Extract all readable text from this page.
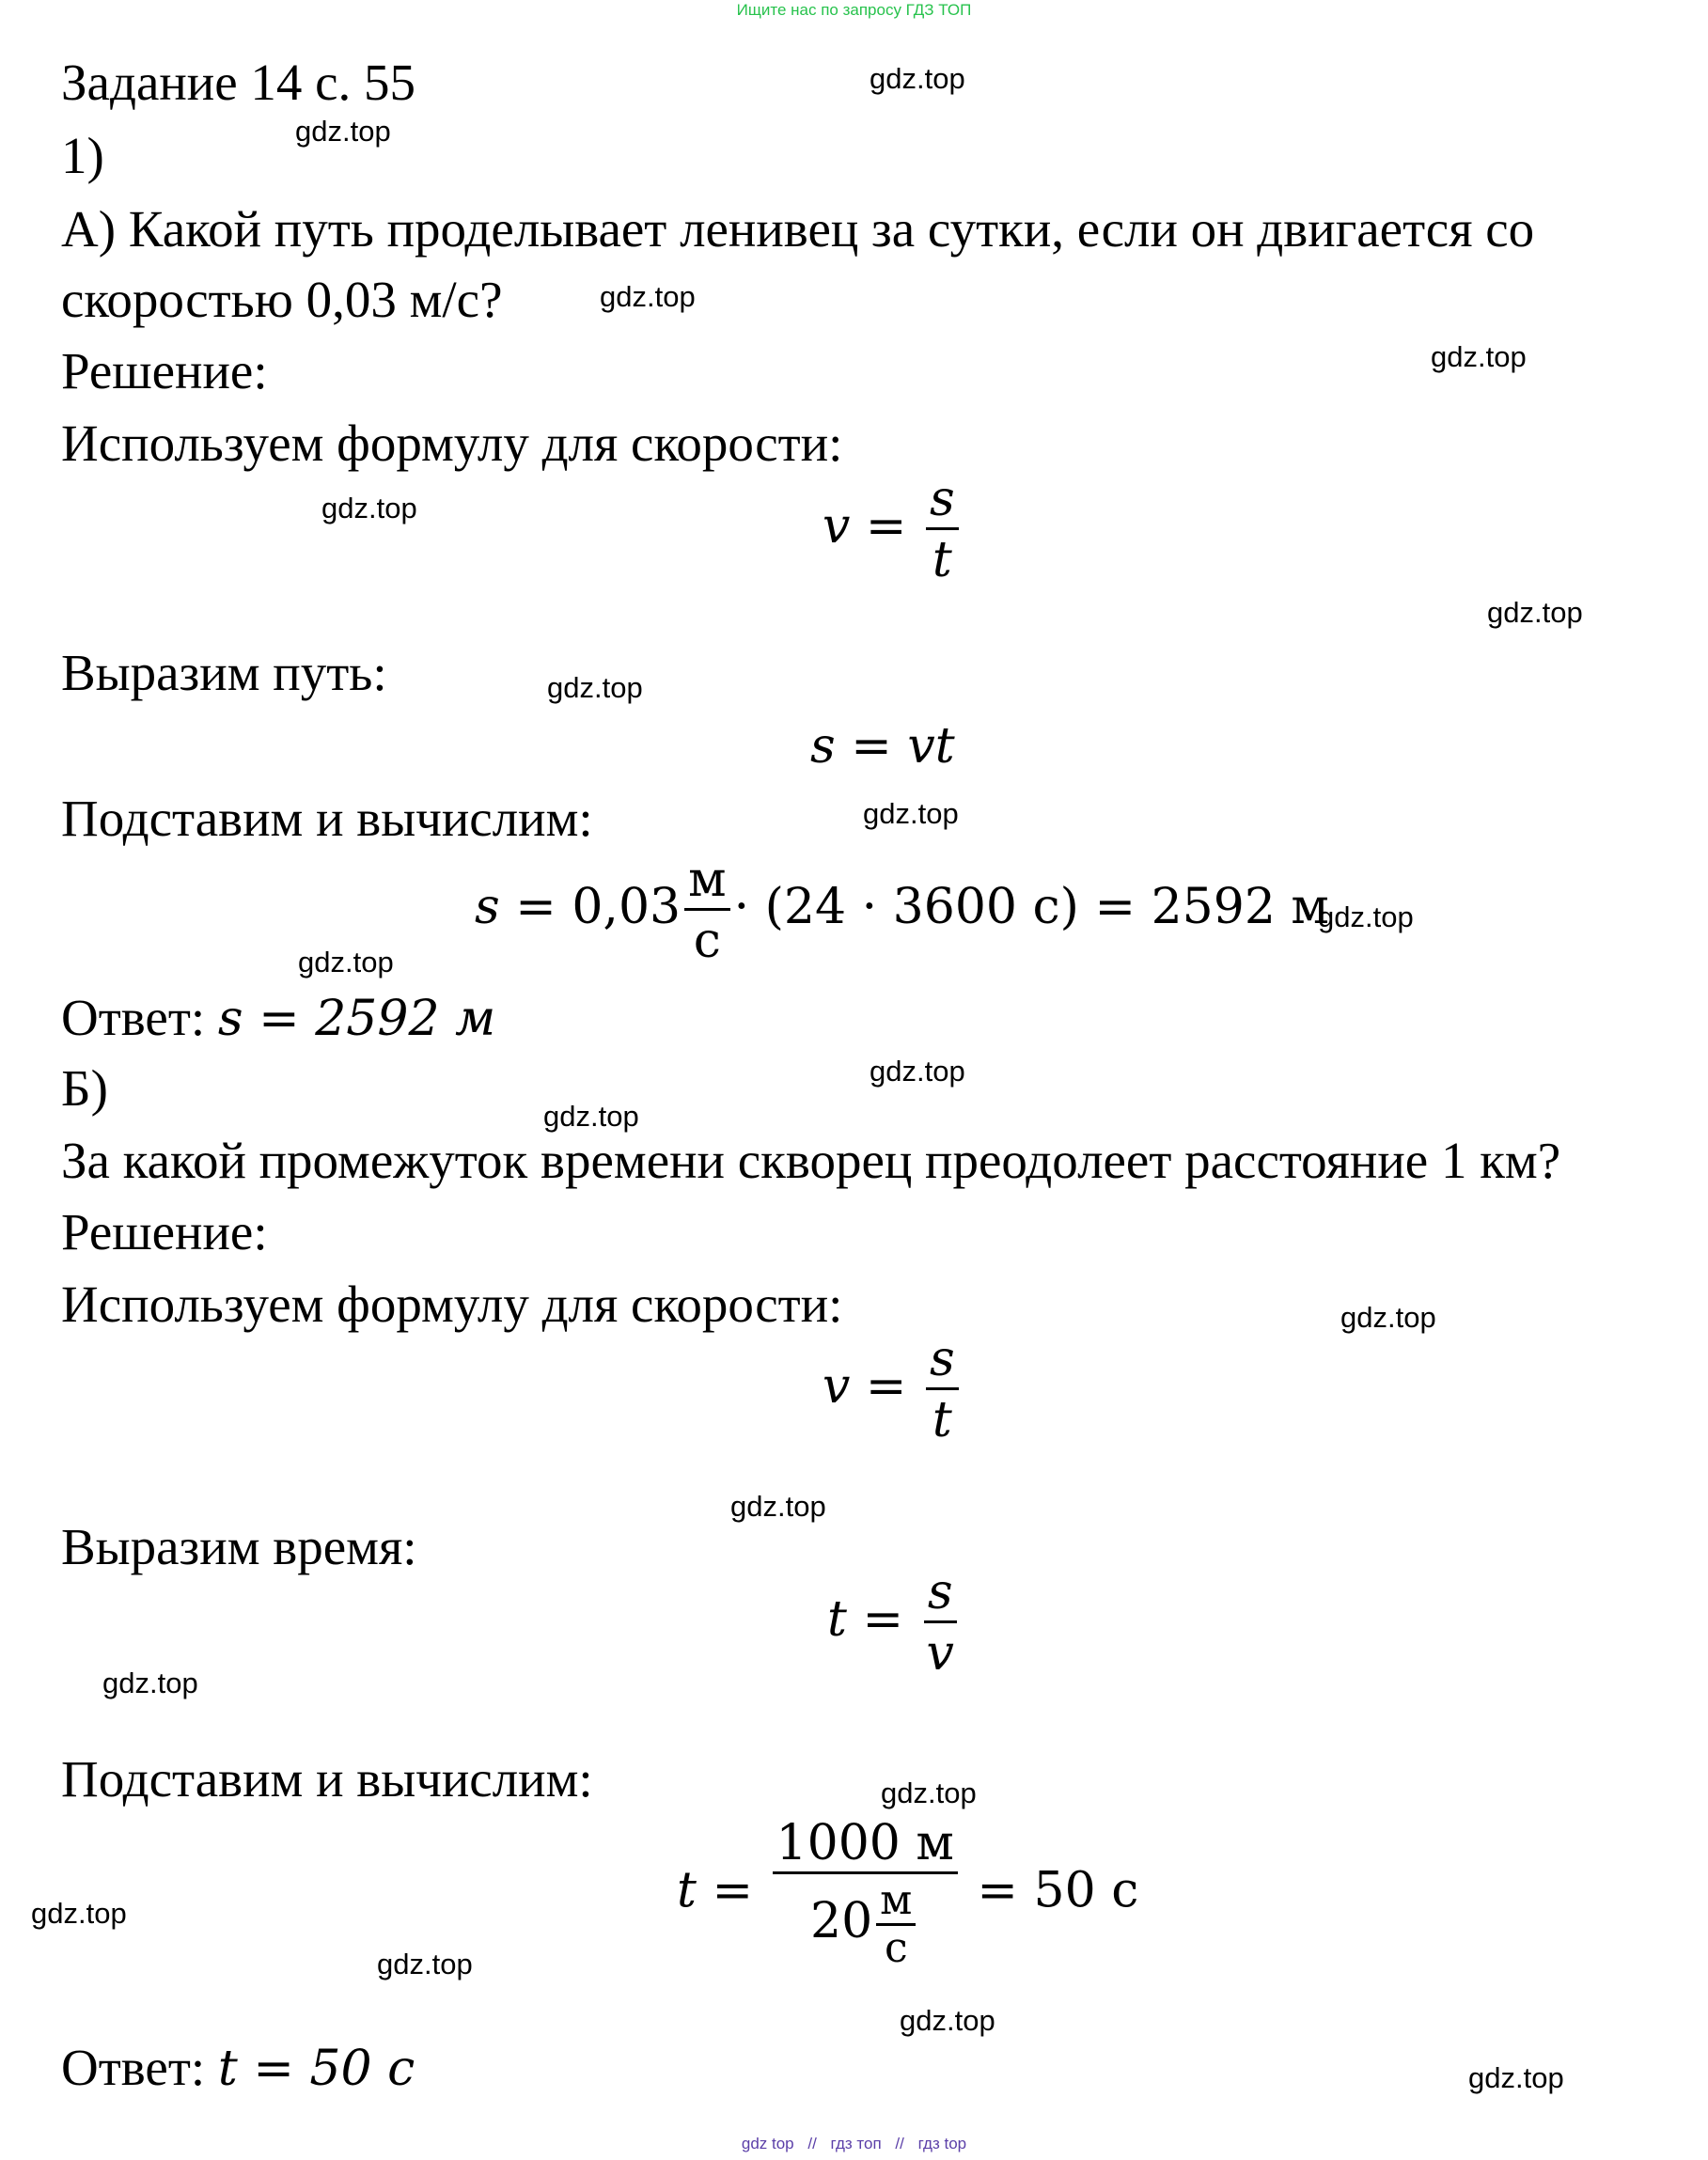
Ищите нас по запросу ГДЗ ТОП
Задание 14 с. 55
1)
А) Какой путь проделывает ленивец за сутки, если он двигается со
скоростью 0,03 м/с?
Решение:
Используем формулу для скорости:
$v = \frac{s}{t}$
Выразим путь:
s = vt
Подставим и вычислим:
$s = 0,03 \frac{м}{с} \cdot (24 \cdot 3600$ с) = 2592 м
Ответ: s = 2592 м
Б)
За какой промежуток времени скворец преодолеет расстояние 1 км?
Решение:
Используем формулу для скорости:
$v = \frac{s}{t}$
Выразим время:
$t = \frac{s}{v}$
Подставим и вычислим:
$t = \frac{1000 м}{20 \frac{м}{с}} = 50$ с
Ответ: t = 50 с
gdz.top
gdz.top
gdz.top
gdz.top
gdz.top
gdz.top
gdz.top
gdz.top
gdz.top
gdz.top
gdz.top
gdz.top
gdz.top
gdz.top
gdz.top
gdz.top
gdz.top
gdz.top
gdz.top
gdz.top
gdz top // гдз топ // гдз top
